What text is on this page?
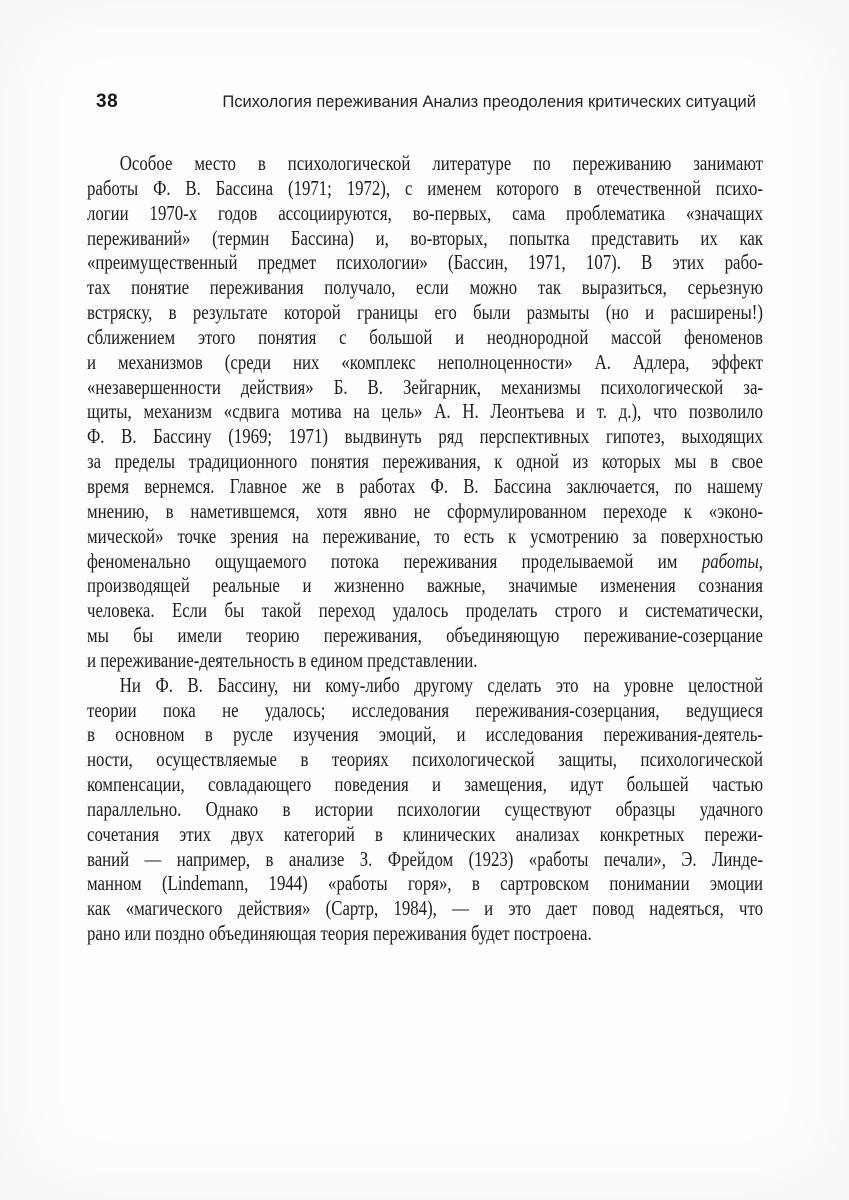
38	Психология переживания Анализ преодоления критических ситуаций
Особое место в психологической литературе по переживанию занимают
работы Ф. В. Бассина (1971; 1972), с именем которого в отечественной психо-
логии 1970-х годов ассоциируются, во-первых, сама проблематика «значащих
переживаний» (термин Бассина) и, во-вторых, попытка представить их как
«преимущественный предмет психологии» (Бассин, 1971, 107). В этих рабо-
тах понятие переживания получало, если можно так выразиться, серьезную
встряску, в результате которой границы его были размыты (но и расширены!)
сближением этого понятия с большой и неоднородной массой феноменов
и механизмов (среди них «комплекс неполноценности» А. Адлера, эффект
«незавершенности действия» Б. В. Зейгарник, механизмы психологической за-
щиты, механизм «сдвига мотива на цель» А. Н. Леонтьева и т. д.), что позволило
Ф. В. Бассину (1969; 1971) выдвинуть ряд перспективных гипотез, выходящих
за пределы традиционного понятия переживания, к одной из которых мы в свое
время вернемся. Главное же в работах Ф. В. Бассина заключается, по нашему
мнению, в наметившемся, хотя явно не сформулированном переходе к «эконо-
мической» точке зрения на переживание, то есть к усмотрению за поверхностью
феноменально ощущаемого потока переживания проделываемой им работы,
производящей реальные и жизненно важные, значимые изменения сознания
человека. Если бы такой переход удалось проделать строго и систематически,
мы бы имели теорию переживания, объединяющую переживание-созерцание
и переживание-деятельность в едином представлении.
Ни Ф. В. Бассину, ни кому-либо другому сделать это на уровне целостной
теории пока не удалось; исследования переживания-созерцания, ведущиеся
в основном в русле изучения эмоций, и исследования переживания-деятель-
ности, осуществляемые в теориях психологической защиты, психологической
компенсации, совладающего поведения и замещения, идут большей частью
параллельно. Однако в истории психологии существуют образцы удачного
сочетания этих двух категорий в клинических анализах конкретных пережи-
ваний — например, в анализе З. Фрейдом (1923) «работы печали», Э. Линде-
манном (Lindemann, 1944) «работы горя», в сартровском понимании эмоции
как «магического действия» (Сартр, 1984), — и это дает повод надеяться, что
рано или поздно объединяющая теория переживания будет построена.
